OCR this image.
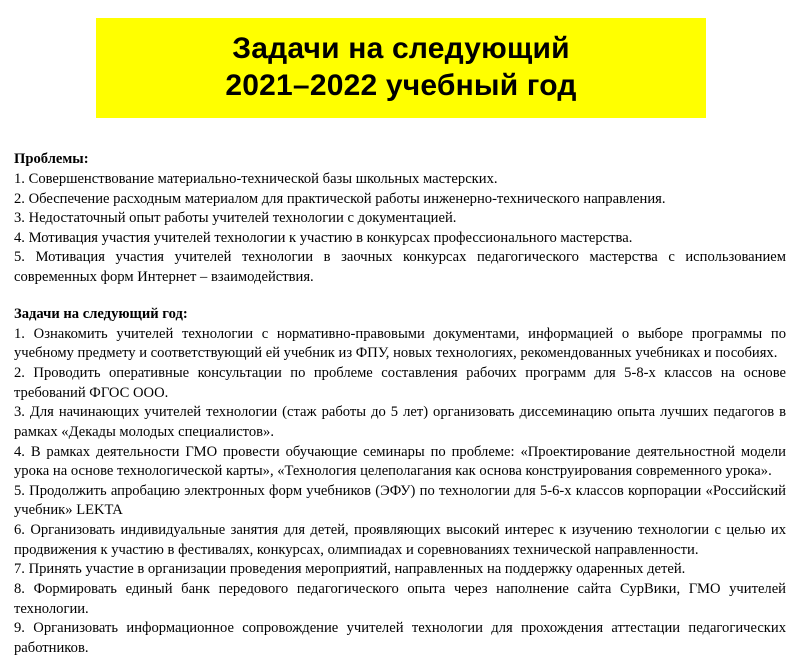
Задачи на следующий
2021–2022 учебный год

Проблемы:

1. Совершенствование материально-технической базы школьных мастерских.

2. Обеспечение расходным материалом для практической работы инженерно-технического направления.

3. Недостаточный опыт работы учителей технологии с документацией.

4. Мотивация участия учителей технологии к участию в конкурсах профессионального мастерства.

5. Мотивация участия учителей технологии в заочных конкурсах педагогического мастерства с использованием современных форм Интернет – взаимодействия.

Задачи на следующий год:

1. Ознакомить учителей технологии с нормативно-правовыми документами, информацией о выборе программы по учебному предмету и соответствующий ей учебник из ФПУ, новых технологиях, рекомендованных учебниках и пособиях.

2. Проводить оперативные консультации по проблеме составления рабочих программ для 5-8-х классов на основе требований ФГОС ООО.

3. Для начинающих учителей технологии (стаж работы до 5 лет) организовать диссеминацию опыта лучших педагогов в рамках «Декады молодых специалистов».

4. В рамках деятельности ГМО провести обучающие семинары по проблеме: «Проектирование деятельностной модели урока на основе технологической карты», «Технология целеполагания как основа конструирования современного урока».

5. Продолжить апробацию электронных форм учебников (ЭФУ) по технологии для 5-6-х классов корпорации «Российский учебник» LEKTA

6. Организовать индивидуальные занятия для детей, проявляющих высокий интерес к изучению технологии с целью их продвижения к участию в фестивалях, конкурсах, олимпиадах и соревнованиях технической направленности.

7. Принять участие в организации проведения мероприятий, направленных на поддержку одаренных детей.

8. Формировать единый банк передового педагогического опыта через наполнение сайта СурВики, ГМО учителей технологии.

9. Организовать информационное сопровождение учителей технологии для прохождения аттестации педагогических работников.
